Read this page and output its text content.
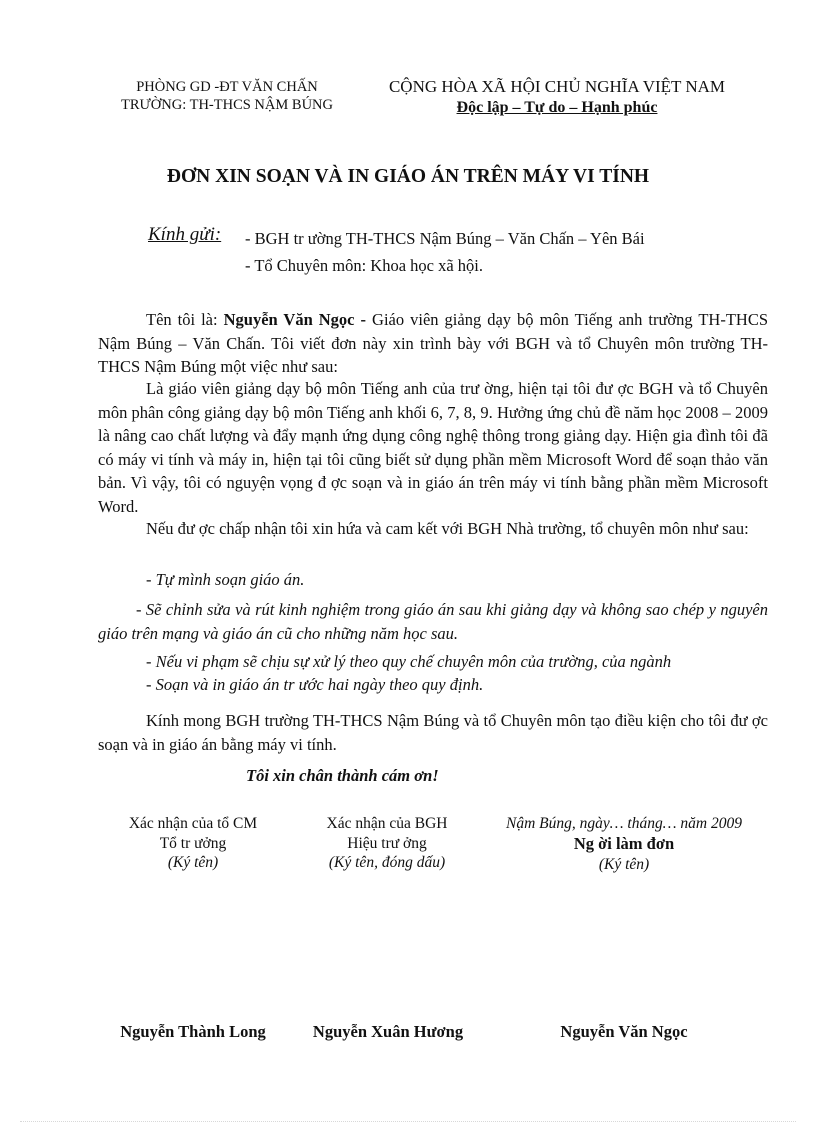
PHÒNG GD -ĐT VĂN CHẤN
TRƯỜNG: TH-THCS NẬM BÚNG
CỘNG HÒA XÃ HỘI CHỦ NGHĨA VIỆT NAM
Độc lập – Tự do – Hạnh phúc
ĐƠN XIN SOẠN VÀ IN GIÁO ÁN TRÊN MÁY VI TÍNH
Kính gửi: - BGH tr ường TH-THCS Nậm Búng – Văn Chấn – Yên Bái
- Tổ Chuyên môn: Khoa học xã hội.
Tên tôi là: Nguyễn Văn Ngọc - Giáo viên giảng dạy bộ môn Tiếng anh trường TH-THCS Nậm Búng – Văn Chấn. Tôi viết đơn này xin trình bày với BGH và tổ Chuyên môn trường TH-THCS Nậm Búng một việc như sau:
Là giáo viên giảng dạy bộ môn Tiếng anh của trư ờng, hiện tại tôi đư ợc BGH và tổ Chuyên môn phân công giảng dạy bộ môn Tiếng anh khối 6, 7, 8, 9. Hưởng ứng chủ đề năm học 2008 – 2009 là nâng cao chất lượng và đẩy mạnh ứng dụng công nghệ thông trong giảng dạy. Hiện gia đình tôi đã có máy vi tính và máy in, hiện tại tôi cũng biết sử dụng phần mềm Microsoft Word để soạn thảo văn bản. Vì vậy, tôi có nguyện vọng đ ợc soạn và in giáo án trên máy vi tính bằng phần mềm Microsoft Word.
Nếu đư ợc chấp nhận tôi xin hứa và cam kết với BGH Nhà trường, tổ chuyên môn như sau:
- Tự mình soạn giáo án.
- Sẽ chỉnh sửa và rút kinh nghiệm trong giáo án sau khi giảng dạy và không sao chép y nguyên giáo trên mạng và giáo án cũ cho những năm học sau.
- Nếu vi phạm sẽ chịu sự xử lý theo quy chế chuyên môn của trường, của ngành
- Soạn và in giáo án tr ước hai ngày theo quy định.
Kính mong BGH trường TH-THCS Nậm Búng và tổ Chuyên môn tạo điều kiện cho tôi đư ợc soạn và in giáo án bằng máy vi tính.
Tôi xin chân thành cám ơn!
Xác nhận của tổ CM
Tổ tr ưởng
(Ký tên)
Nguyễn Thành Long
Xác nhận của BGH
Hiệu trư ởng
(Ký tên, đóng dấu)
Nguyễn Xuân Hương
Nậm Búng, ngày… tháng… năm 2009
Ng ời làm đơn
(Ký tên)
Nguyễn Văn Ngọc
